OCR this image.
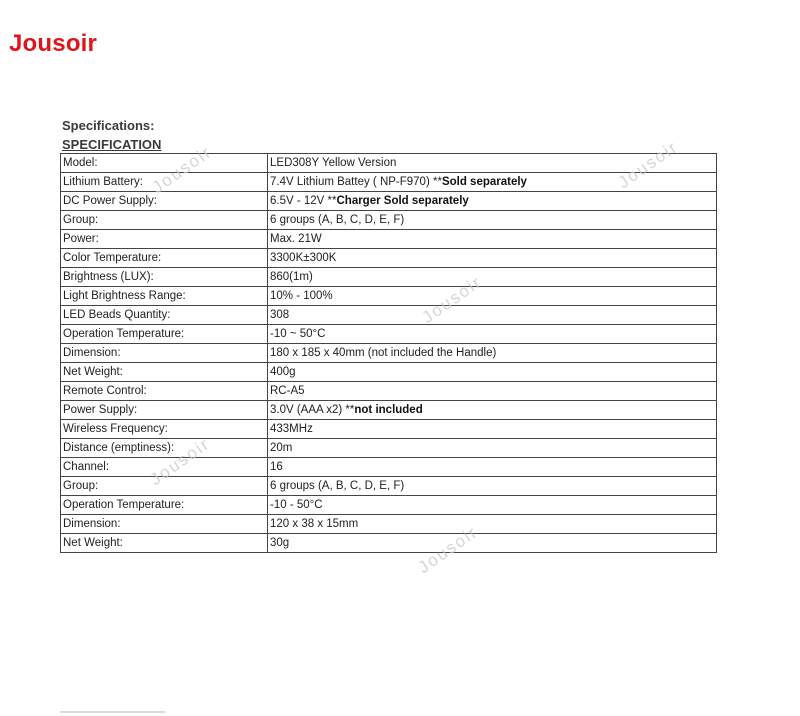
Jousoir
Specifications:
SPECIFICATION
Model:	LED308Y Yellow Version
Lithium Battery:	7.4V Lithium Battey ( NP-F970) **Sold separately
DC Power Supply:	6.5V - 12V **Charger Sold separately
Group:	6 groups (A, B, C, D, E, F)
Power:	Max. 21W
Color Temperature:	3300K±300K
Brightness (LUX):	860(1m)
Light Brightness Range:	10% - 100%
LED Beads Quantity:	308
Operation Temperature:	-10 ~ 50°C
Dimension:	180 x 185 x 40mm (not included the Handle)
Net Weight:	400g
Remote Control:	RC-A5
Power Supply:	3.0V (AAA x2) **not included
Wireless Frequency:	433MHz
Distance (emptiness):	20m
Channel:	16
Group:	6 groups (A, B, C, D, E, F)
Operation Temperature:	-10 - 50°C
Dimension:	120 x 38 x 15mm
Net Weight:	30g
Jousoir	Jousoir
Jousoir
Jousoir
Jousoir
